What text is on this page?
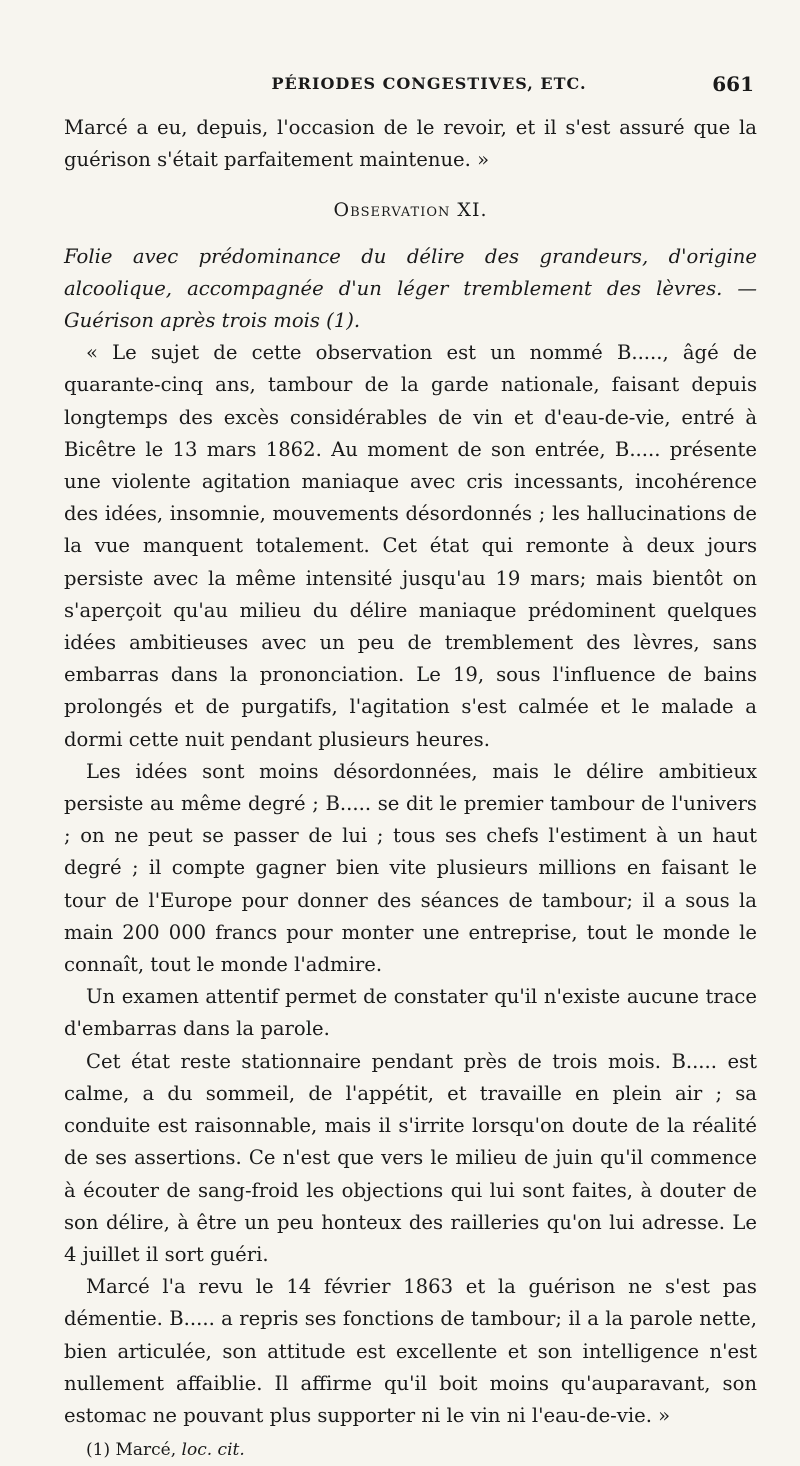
PÉRIODES CONGESTIVES, ETC.	661

Marcé a eu, depuis, l'occasion de le revoir, et il s'est assuré que la guérison s'était parfaitement maintenue. »

Observation XI.

Folie avec prédominance du délire des grandeurs, d'origine alcoolique, accompagnée d'un léger tremblement des lèvres. — Guérison après trois mois (1).

« Le sujet de cette observation est un nommé B....., âgé de quarante-cinq ans, tambour de la garde nationale, faisant depuis longtemps des excès considérables de vin et d'eau-de-vie, entré à Bicêtre le 13 mars 1862. Au moment de son entrée, B..... présente une violente agitation maniaque avec cris incessants, incohérence des idées, insomnie, mouvements désordonnés ; les hallucinations de la vue manquent totalement. Cet état qui remonte à deux jours persiste avec la même intensité jusqu'au 19 mars; mais bientôt on s'aperçoit qu'au milieu du délire maniaque prédominent quelques idées ambitieuses avec un peu de tremblement des lèvres, sans embarras dans la prononciation. Le 19, sous l'influence de bains prolongés et de purgatifs, l'agitation s'est calmée et le malade a dormi cette nuit pendant plusieurs heures.

Les idées sont moins désordonnées, mais le délire ambitieux persiste au même degré ; B..... se dit le premier tambour de l'univers ; on ne peut se passer de lui ; tous ses chefs l'estiment à un haut degré ; il compte gagner bien vite plusieurs millions en faisant le tour de l'Europe pour donner des séances de tambour; il a sous la main 200 000 francs pour monter une entreprise, tout le monde le connaît, tout le monde l'admire.

Un examen attentif permet de constater qu'il n'existe aucune trace d'embarras dans la parole.

Cet état reste stationnaire pendant près de trois mois. B..... est calme, a du sommeil, de l'appétit, et travaille en plein air ; sa conduite est raisonnable, mais il s'irrite lorsqu'on doute de la réalité de ses assertions. Ce n'est que vers le milieu de juin qu'il commence à écouter de sang-froid les objections qui lui sont faites, à douter de son délire, à être un peu honteux des railleries qu'on lui adresse. Le 4 juillet il sort guéri.

Marcé l'a revu le 14 février 1863 et la guérison ne s'est pas démentie. B..... a repris ses fonctions de tambour; il a la parole nette, bien articulée, son attitude est excellente et son intelligence n'est nullement affaiblie. Il affirme qu'il boit moins qu'auparavant, son estomac ne pouvant plus supporter ni le vin ni l'eau-de-vie. »

(1) Marcé, loc. cit.
